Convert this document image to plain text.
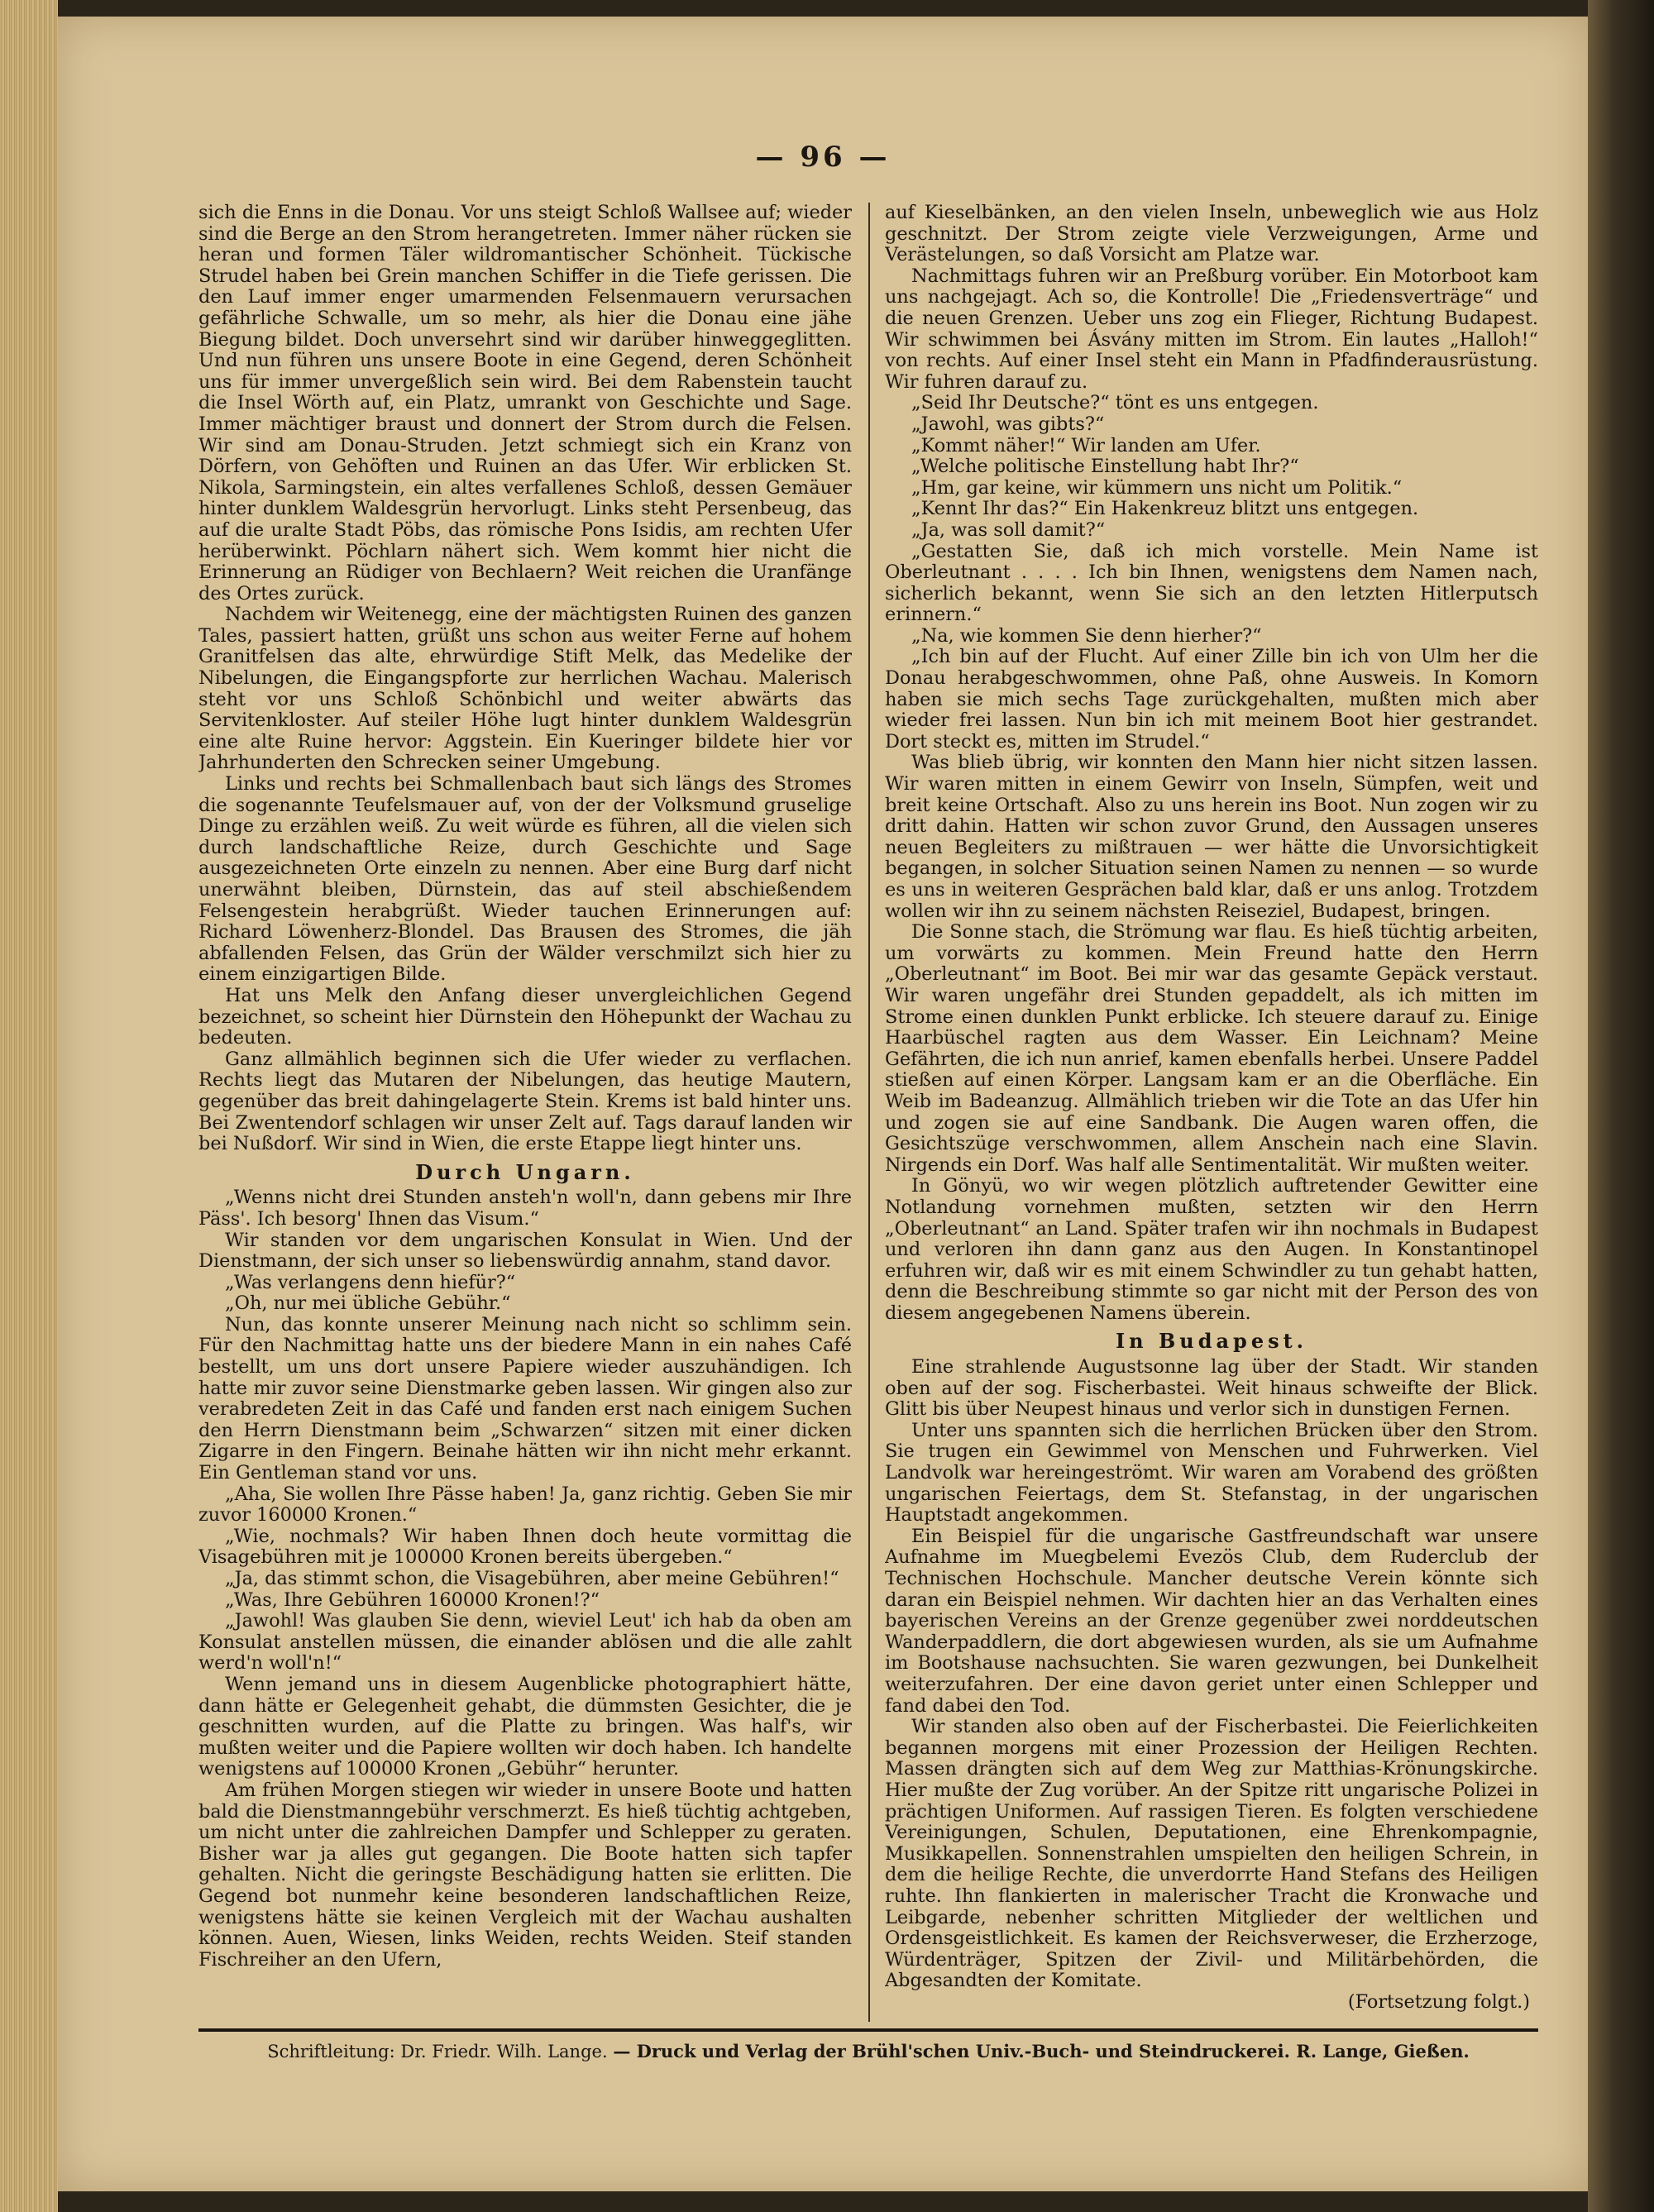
— 96 —

sich die Enns in die Donau. Vor uns steigt Schloß Wallsee auf; wieder sind die Berge an den Strom herangetreten. Immer näher rücken sie heran und formen Täler wildromantischer Schönheit. Tückische Strudel haben bei Grein manchen Schiffer in die Tiefe gerissen. Die den Lauf immer enger umarmenden Felsenmauern verursachen gefährliche Schwalle, um so mehr, als hier die Donau eine jähe Biegung bildet. Doch unversehrt sind wir darüber hinweggeglitten. Und nun führen uns unsere Boote in eine Gegend, deren Schönheit uns für immer unvergeßlich sein wird. Bei dem Rabenstein taucht die Insel Wörth auf, ein Platz, umrankt von Geschichte und Sage. Immer mächtiger braust und donnert der Strom durch die Felsen. Wir sind am Donau-Struden. Jetzt schmiegt sich ein Kranz von Dörfern, von Gehöften und Ruinen an das Ufer. Wir erblicken St. Nikola, Sarmingstein, ein altes verfallenes Schloß, dessen Gemäuer hinter dunklem Waldesgrün hervorlugt. Links steht Persenbeug, das auf die uralte Stadt Pöbs, das römische Pons Isidis, am rechten Ufer herüberwinkt. Pöchlarn nähert sich. Wem kommt hier nicht die Erinnerung an Rüdiger von Bechlaern? Weit reichen die Uranfänge des Ortes zurück.

Nachdem wir Weitenegg, eine der mächtigsten Ruinen des ganzen Tales, passiert hatten, grüßt uns schon aus weiter Ferne auf hohem Granitfelsen das alte, ehrwürdige Stift Melk, das Medelike der Nibelungen, die Eingangspforte zur herrlichen Wachau. Malerisch steht vor uns Schloß Schönbichl und weiter abwärts das Servitenkloster. Auf steiler Höhe lugt hinter dunklem Waldesgrün eine alte Ruine hervor: Aggstein. Ein Kueringer bildete hier vor Jahrhunderten den Schrecken seiner Umgebung.

Links und rechts bei Schmallenbach baut sich längs des Stromes die sogenannte Teufelsmauer auf, von der der Volksmund gruselige Dinge zu erzählen weiß. Zu weit würde es führen, all die vielen sich durch landschaftliche Reize, durch Geschichte und Sage ausgezeichneten Orte einzeln zu nennen. Aber eine Burg darf nicht unerwähnt bleiben, Dürnstein, das auf steil abschießendem Felsengestein herabgrüßt. Wieder tauchen Erinnerungen auf: Richard Löwenherz-Blondel. Das Brausen des Stromes, die jäh abfallenden Felsen, das Grün der Wälder verschmilzt sich hier zu einem einzigartigen Bilde.

Hat uns Melk den Anfang dieser unvergleichlichen Gegend bezeichnet, so scheint hier Dürnstein den Höhepunkt der Wachau zu bedeuten.

Ganz allmählich beginnen sich die Ufer wieder zu verflachen. Rechts liegt das Mutaren der Nibelungen, das heutige Mautern, gegenüber das breit dahingelagerte Stein. Krems ist bald hinter uns. Bei Zwentendorf schlagen wir unser Zelt auf. Tags darauf landen wir bei Nußdorf. Wir sind in Wien, die erste Etappe liegt hinter uns.

Durch Ungarn.

„Wenns nicht drei Stunden ansteh'n woll'n, dann gebens mir Ihre Päss'. Ich besorg' Ihnen das Visum.“

Wir standen vor dem ungarischen Konsulat in Wien. Und der Dienstmann, der sich unser so liebenswürdig annahm, stand davor.

„Was verlangens denn hiefür?“

„Oh, nur mei übliche Gebühr.“

Nun, das konnte unserer Meinung nach nicht so schlimm sein. Für den Nachmittag hatte uns der biedere Mann in ein nahes Café bestellt, um uns dort unsere Papiere wieder auszuhändigen. Ich hatte mir zuvor seine Dienstmarke geben lassen. Wir gingen also zur verabredeten Zeit in das Café und fanden erst nach einigem Suchen den Herrn Dienstmann beim „Schwarzen“ sitzen mit einer dicken Zigarre in den Fingern. Beinahe hätten wir ihn nicht mehr erkannt. Ein Gentleman stand vor uns.

„Aha, Sie wollen Ihre Pässe haben! Ja, ganz richtig. Geben Sie mir zuvor 160000 Kronen.“

„Wie, nochmals? Wir haben Ihnen doch heute vormittag die Visagebühren mit je 100000 Kronen bereits übergeben.“

„Ja, das stimmt schon, die Visagebühren, aber meine Gebühren!“

„Was, Ihre Gebühren 160000 Kronen!?“

„Jawohl! Was glauben Sie denn, wieviel Leut' ich hab da oben am Konsulat anstellen müssen, die einander ablösen und die alle zahlt werd'n woll'n!“

Wenn jemand uns in diesem Augenblicke photographiert hätte, dann hätte er Gelegenheit gehabt, die dümmsten Gesichter, die je geschnitten wurden, auf die Platte zu bringen. Was half's, wir mußten weiter und die Papiere wollten wir doch haben. Ich handelte wenigstens auf 100000 Kronen „Gebühr“ herunter.

Am frühen Morgen stiegen wir wieder in unsere Boote und hatten bald die Dienstmanngebühr verschmerzt. Es hieß tüchtig achtgeben, um nicht unter die zahlreichen Dampfer und Schlepper zu geraten. Bisher war ja alles gut gegangen. Die Boote hatten sich tapfer gehalten. Nicht die geringste Beschädigung hatten sie erlitten. Die Gegend bot nunmehr keine besonderen landschaftlichen Reize, wenigstens hätte sie keinen Vergleich mit der Wachau aushalten können. Auen, Wiesen, links Weiden, rechts Weiden. Steif standen Fischreiher an den Ufern,

auf Kieselbänken, an den vielen Inseln, unbeweglich wie aus Holz geschnitzt. Der Strom zeigte viele Verzweigungen, Arme und Verästelungen, so daß Vorsicht am Platze war.

Nachmittags fuhren wir an Preßburg vorüber. Ein Motorboot kam uns nachgejagt. Ach so, die Kontrolle! Die „Friedensverträge“ und die neuen Grenzen. Ueber uns zog ein Flieger, Richtung Budapest. Wir schwimmen bei Ásvány mitten im Strom. Ein lautes „Halloh!“ von rechts. Auf einer Insel steht ein Mann in Pfadfinderausrüstung. Wir fuhren darauf zu.

„Seid Ihr Deutsche?“ tönt es uns entgegen.

„Jawohl, was gibts?“

„Kommt näher!“ Wir landen am Ufer.

„Welche politische Einstellung habt Ihr?“

„Hm, gar keine, wir kümmern uns nicht um Politik.“

„Kennt Ihr das?“ Ein Hakenkreuz blitzt uns entgegen.

„Ja, was soll damit?“

„Gestatten Sie, daß ich mich vorstelle. Mein Name ist Oberleutnant . . . . Ich bin Ihnen, wenigstens dem Namen nach, sicherlich bekannt, wenn Sie sich an den letzten Hitlerputsch erinnern.“

„Na, wie kommen Sie denn hierher?“

„Ich bin auf der Flucht. Auf einer Zille bin ich von Ulm her die Donau herabgeschwommen, ohne Paß, ohne Ausweis. In Komorn haben sie mich sechs Tage zurückgehalten, mußten mich aber wieder frei lassen. Nun bin ich mit meinem Boot hier gestrandet. Dort steckt es, mitten im Strudel.“

Was blieb übrig, wir konnten den Mann hier nicht sitzen lassen. Wir waren mitten in einem Gewirr von Inseln, Sümpfen, weit und breit keine Ortschaft. Also zu uns herein ins Boot. Nun zogen wir zu dritt dahin. Hatten wir schon zuvor Grund, den Aussagen unseres neuen Begleiters zu mißtrauen — wer hätte die Unvorsichtigkeit begangen, in solcher Situation seinen Namen zu nennen — so wurde es uns in weiteren Gesprächen bald klar, daß er uns anlog. Trotzdem wollen wir ihn zu seinem nächsten Reiseziel, Budapest, bringen.

Die Sonne stach, die Strömung war flau. Es hieß tüchtig arbeiten, um vorwärts zu kommen. Mein Freund hatte den Herrn „Oberleutnant“ im Boot. Bei mir war das gesamte Gepäck verstaut. Wir waren ungefähr drei Stunden gepaddelt, als ich mitten im Strome einen dunklen Punkt erblicke. Ich steuere darauf zu. Einige Haarbüschel ragten aus dem Wasser. Ein Leichnam? Meine Gefährten, die ich nun anrief, kamen ebenfalls herbei. Unsere Paddel stießen auf einen Körper. Langsam kam er an die Oberfläche. Ein Weib im Badeanzug. Allmählich trieben wir die Tote an das Ufer hin und zogen sie auf eine Sandbank. Die Augen waren offen, die Gesichtszüge verschwommen, allem Anschein nach eine Slavin. Nirgends ein Dorf. Was half alle Sentimentalität. Wir mußten weiter.

In Gönyü, wo wir wegen plötzlich auftretender Gewitter eine Notlandung vornehmen mußten, setzten wir den Herrn „Oberleutnant“ an Land. Später trafen wir ihn nochmals in Budapest und verloren ihn dann ganz aus den Augen. In Konstantinopel erfuhren wir, daß wir es mit einem Schwindler zu tun gehabt hatten, denn die Beschreibung stimmte so gar nicht mit der Person des von diesem angegebenen Namens überein.

In Budapest.

Eine strahlende Augustsonne lag über der Stadt. Wir standen oben auf der sog. Fischerbastei. Weit hinaus schweifte der Blick. Glitt bis über Neupest hinaus und verlor sich in dunstigen Fernen.

Unter uns spannten sich die herrlichen Brücken über den Strom. Sie trugen ein Gewimmel von Menschen und Fuhrwerken. Viel Landvolk war hereingeströmt. Wir waren am Vorabend des größten ungarischen Feiertags, dem St. Stefanstag, in der ungarischen Hauptstadt angekommen.

Ein Beispiel für die ungarische Gastfreundschaft war unsere Aufnahme im Muegbelemi Evezös Club, dem Ruderclub der Technischen Hochschule. Mancher deutsche Verein könnte sich daran ein Beispiel nehmen. Wir dachten hier an das Verhalten eines bayerischen Vereins an der Grenze gegenüber zwei norddeutschen Wanderpaddlern, die dort abgewiesen wurden, als sie um Aufnahme im Bootshause nachsuchten. Sie waren gezwungen, bei Dunkelheit weiterzufahren. Der eine davon geriet unter einen Schlepper und fand dabei den Tod.

Wir standen also oben auf der Fischerbastei. Die Feierlichkeiten begannen morgens mit einer Prozession der Heiligen Rechten. Massen drängten sich auf dem Weg zur Matthias-Krönungskirche. Hier mußte der Zug vorüber. An der Spitze ritt ungarische Polizei in prächtigen Uniformen. Auf rassigen Tieren. Es folgten verschiedene Vereinigungen, Schulen, Deputationen, eine Ehrenkompagnie, Musikkapellen. Sonnenstrahlen umspielten den heiligen Schrein, in dem die heilige Rechte, die unverdorrte Hand Stefans des Heiligen ruhte. Ihn flankierten in malerischer Tracht die Kronwache und Leibgarde, nebenher schritten Mitglieder der weltlichen und Ordensgeistlichkeit. Es kamen der Reichsverweser, die Erzherzoge, Würdenträger, Spitzen der Zivil- und Militärbehörden, die Abgesandten der Komitate.

(Fortsetzung folgt.)

Schriftleitung: Dr. Friedr. Wilh. Lange. — Druck und Verlag der Brühl'schen Univ.-Buch- und Steindruckerei. R. Lange, Gießen.
